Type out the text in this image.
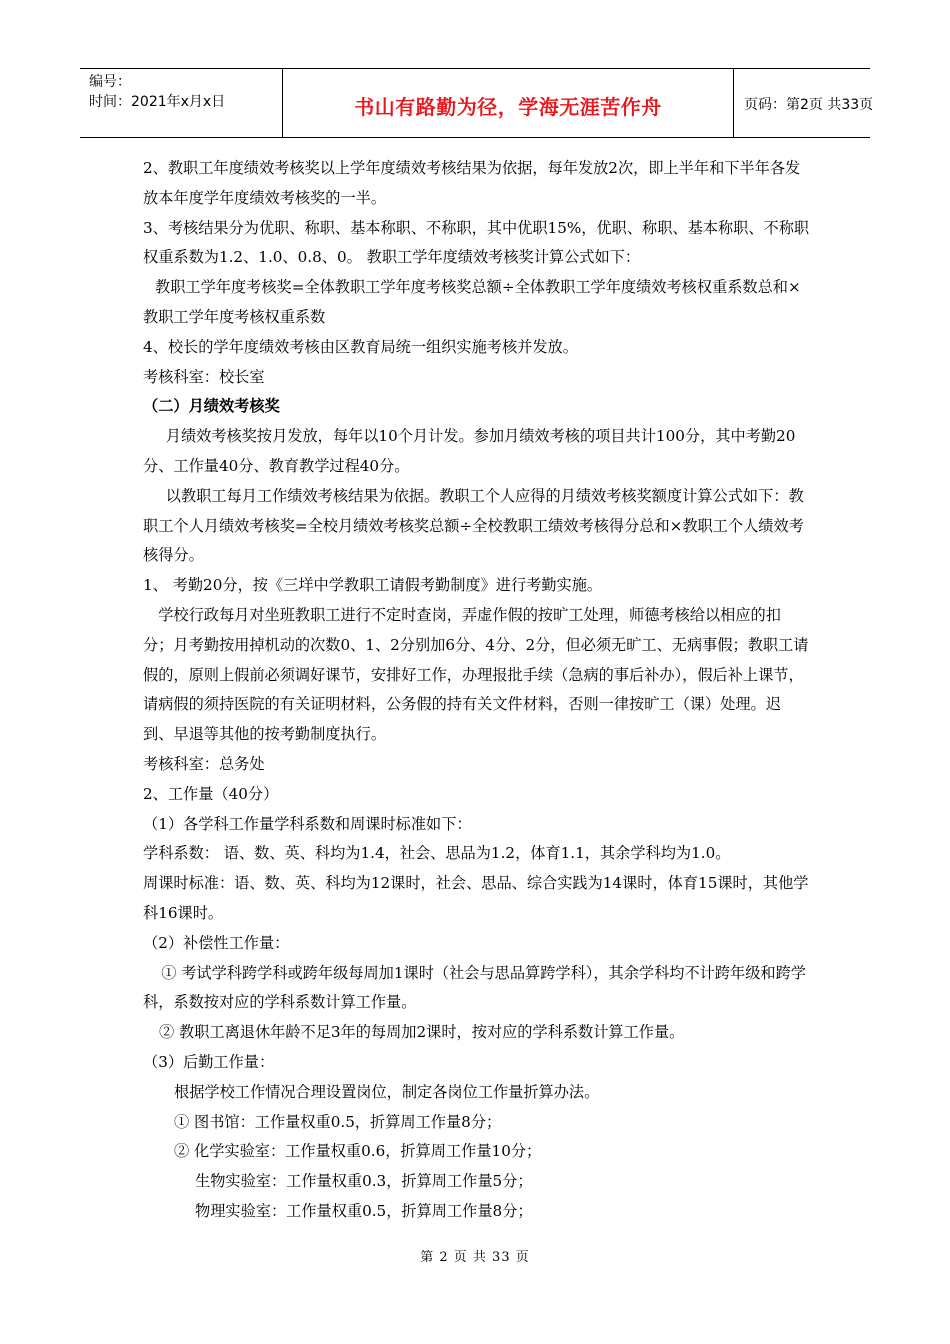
编号：
时间：2021年x月x日	书山有路勤为径，学海无涯苦作舟	页码：第2页 共33页

2、教职工年度绩效考核奖以上学年度绩效考核结果为依据，每年发放2次，即上半年和下半年各发放本年度学年度绩效考核奖的一半。

3、考核结果分为优职、称职、基本称职、不称职，其中优职15%，优职、称职、基本称职、不称职权重系数为1.2、1.0、0.8、0。 教职工学年度绩效考核奖计算公式如下：

教职工学年度考核奖=全体教职工学年度考核奖总额÷全体教职工学年度绩效考核权重系数总和×教职工学年度考核权重系数

4、校长的学年度绩效考核由区教育局统一组织实施考核并发放。

考核科室：校长室

（二）月绩效考核奖

月绩效考核奖按月发放，每年以10个月计发。参加月绩效考核的项目共计100分，其中考勤20分、工作量40分、教育教学过程40分。

以教职工每月工作绩效考核结果为依据。教职工个人应得的月绩效考核奖额度计算公式如下：教职工个人月绩效考核奖=全校月绩效考核奖总额÷全校教职工绩效考核得分总和×教职工个人绩效考核得分。

1、 考勤20分，按《三垟中学教职工请假考勤制度》进行考勤实施。

学校行政每月对坐班教职工进行不定时查岗，弄虚作假的按旷工处理，师德考核给以相应的扣分；月考勤按用掉机动的次数0、1、2分别加6分、4分、2分，但必须无旷工、无病事假；教职工请假的，原则上假前必须调好课节，安排好工作，办理报批手续（急病的事后补办），假后补上课节，请病假的须持医院的有关证明材料，公务假的持有关文件材料，否则一律按旷工（课）处理。迟到、早退等其他的按考勤制度执行。

考核科室：总务处

2、工作量（40分）

（1）各学科工作量学科系数和周课时标准如下：

学科系数： 语、数、英、科均为1.4，社会、思品为1.2，体育1.1，其余学科均为1.0。

周课时标准：语、数、英、科均为12课时，社会、思品、综合实践为14课时，体育15课时，其他学科16课时。

（2）补偿性工作量：

① 考试学科跨学科或跨年级每周加1课时（社会与思品算跨学科），其余学科均不计跨年级和跨学科，系数按对应的学科系数计算工作量。

② 教职工离退休年龄不足3年的每周加2课时，按对应的学科系数计算工作量。

（3）后勤工作量：

根据学校工作情况合理设置岗位，制定各岗位工作量折算办法。

① 图书馆：工作量权重0.5，折算周工作量8分；

② 化学实验室：工作量权重0.6，折算周工作量10分；

生物实验室：工作量权重0.3，折算周工作量5分；

物理实验室：工作量权重0.5，折算周工作量8分；

第 2 页 共 33 页
